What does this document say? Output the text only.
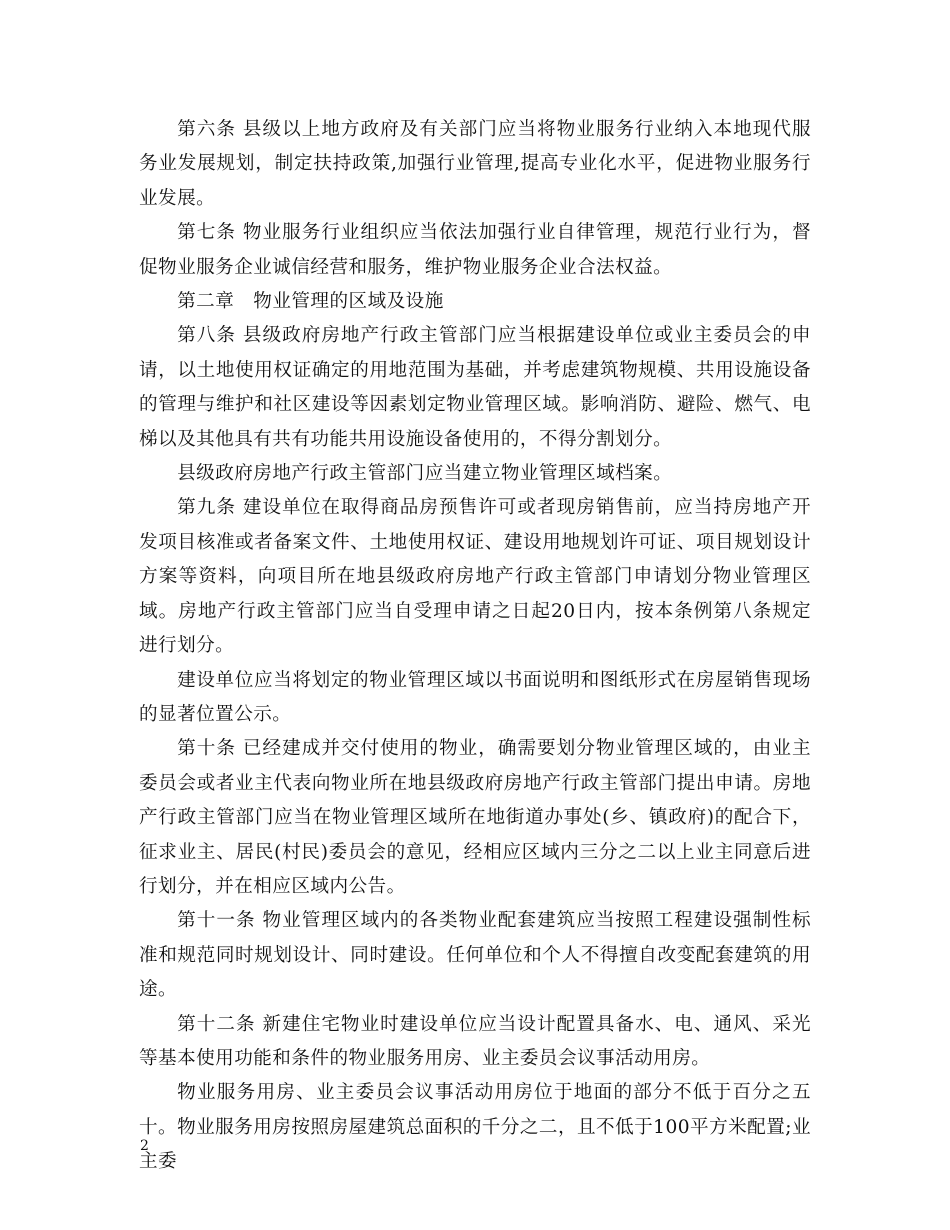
第六条 县级以上地方政府及有关部门应当将物业服务行业纳入本地现代服务业发展规划，制定扶持政策,加强行业管理,提高专业化水平，促进物业服务行业发展。

第七条 物业服务行业组织应当依法加强行业自律管理，规范行业行为，督促物业服务企业诚信经营和服务，维护物业服务企业合法权益。

第二章　物业管理的区域及设施

第八条 县级政府房地产行政主管部门应当根据建设单位或业主委员会的申请，以土地使用权证确定的用地范围为基础，并考虑建筑物规模、共用设施设备的管理与维护和社区建设等因素划定物业管理区域。影响消防、避险、燃气、电梯以及其他具有共有功能共用设施设备使用的，不得分割划分。

县级政府房地产行政主管部门应当建立物业管理区域档案。

第九条 建设单位在取得商品房预售许可或者现房销售前，应当持房地产开发项目核准或者备案文件、土地使用权证、建设用地规划许可证、项目规划设计方案等资料，向项目所在地县级政府房地产行政主管部门申请划分物业管理区域。房地产行政主管部门应当自受理申请之日起20日内，按本条例第八条规定进行划分。

建设单位应当将划定的物业管理区域以书面说明和图纸形式在房屋销售现场的显著位置公示。

第十条 已经建成并交付使用的物业，确需要划分物业管理区域的，由业主委员会或者业主代表向物业所在地县级政府房地产行政主管部门提出申请。房地产行政主管部门应当在物业管理区域所在地街道办事处(乡、镇政府)的配合下，征求业主、居民(村民)委员会的意见，经相应区域内三分之二以上业主同意后进行划分，并在相应区域内公告。

第十一条 物业管理区域内的各类物业配套建筑应当按照工程建设强制性标准和规范同时规划设计、同时建设。任何单位和个人不得擅自改变配套建筑的用途。

第十二条 新建住宅物业时建设单位应当设计配置具备水、电、通风、采光等基本使用功能和条件的物业服务用房、业主委员会议事活动用房。

物业服务用房、业主委员会议事活动用房位于地面的部分不低于百分之五十。物业服务用房按照房屋建筑总面积的千分之二，且不低于100平方米配置;业主委

2
